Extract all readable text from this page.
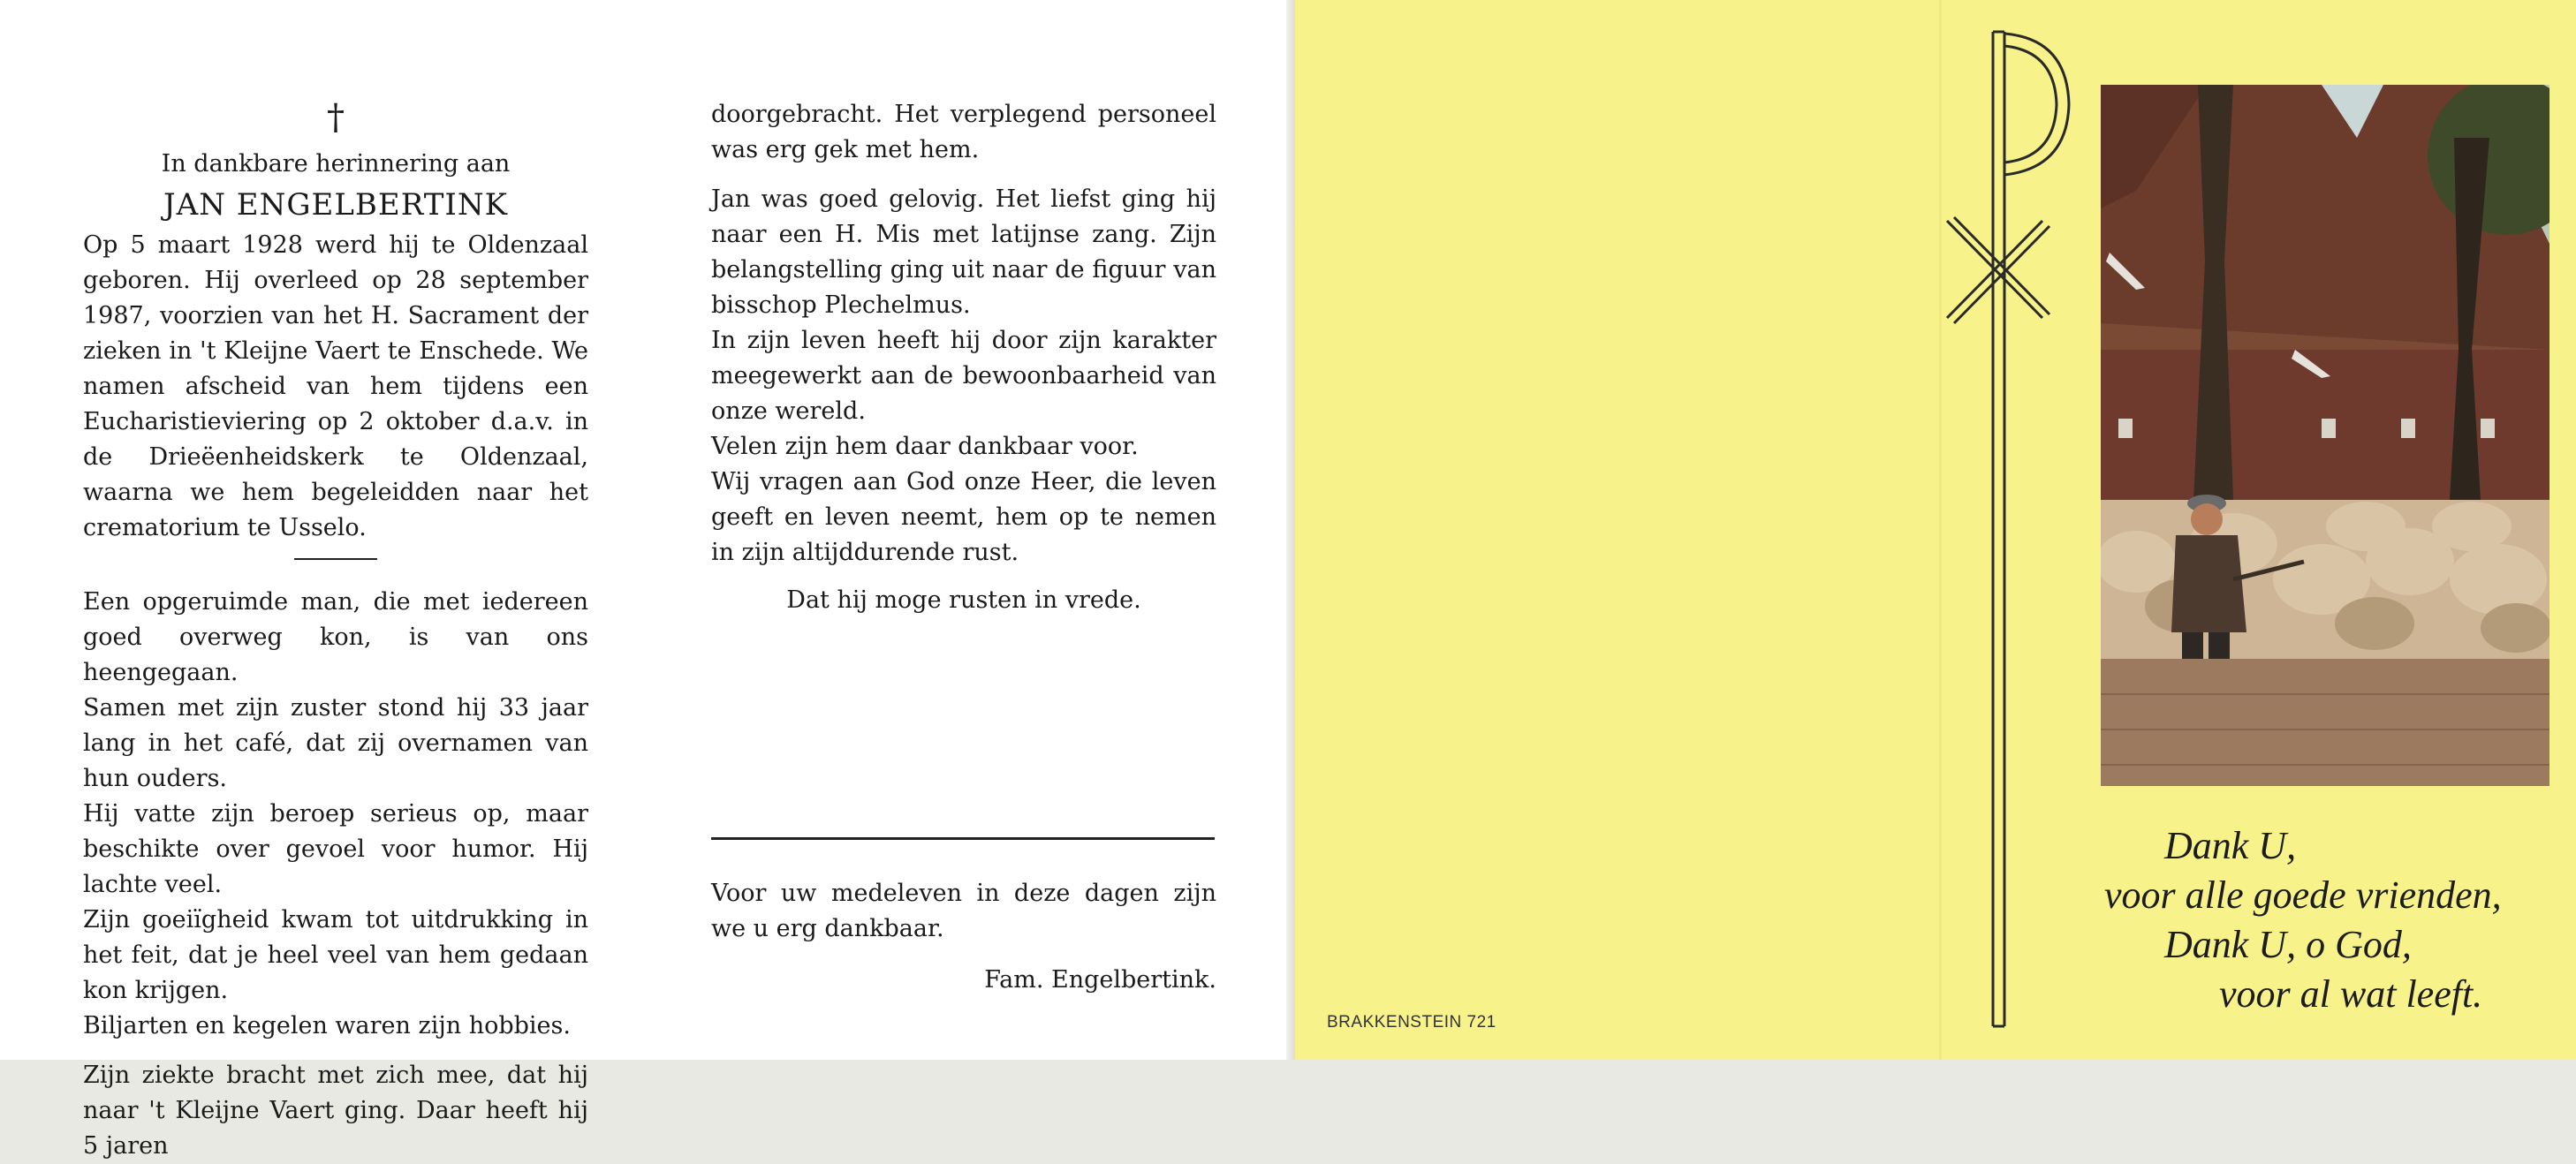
†

In dankbare herinnering aan

JAN ENGELBERTINK

Op 5 maart 1928 werd hij te Oldenzaal geboren. Hij overleed op 28 september 1987, voorzien van het H. Sacrament der zieken in 't Kleijne Vaert te Enschede. We namen afscheid van hem tijdens een Eucharistieviering op 2 oktober d.a.v. in de Drieëenheidskerk te Oldenzaal, waarna we hem begeleidden naar het crematorium te Usselo.

Een opgeruimde man, die met iedereen goed overweg kon, is van ons heengegaan.

Samen met zijn zuster stond hij 33 jaar lang in het café, dat zij overnamen van hun ouders.

Hij vatte zijn beroep serieus op, maar beschikte over gevoel voor humor. Hij lachte veel.

Zijn goeiïgheid kwam tot uitdrukking in het feit, dat je heel veel van hem gedaan kon krijgen.

Biljarten en kegelen waren zijn hobbies.

Zijn ziekte bracht met zich mee, dat hij naar 't Kleijne Vaert ging. Daar heeft hij 5 jaren

doorgebracht. Het verplegend personeel was erg gek met hem.

Jan was goed gelovig. Het liefst ging hij naar een H. Mis met latijnse zang. Zijn belangstelling ging uit naar de figuur van bisschop Plechelmus.

In zijn leven heeft hij door zijn karakter meegewerkt aan de bewoonbaarheid van onze wereld.

Velen zijn hem daar dankbaar voor.

Wij vragen aan God onze Heer, die leven geeft en leven neemt, hem op te nemen in zijn altijddurende rust.

Dat hij moge rusten in vrede.

Voor uw medeleven in deze dagen zijn we u erg dankbaar.

Fam. Engelbertink.

BRAKKENSTEIN 721
Dank U,
voor alle goede vrienden,
Dank U, o God,
voor al wat leeft.
